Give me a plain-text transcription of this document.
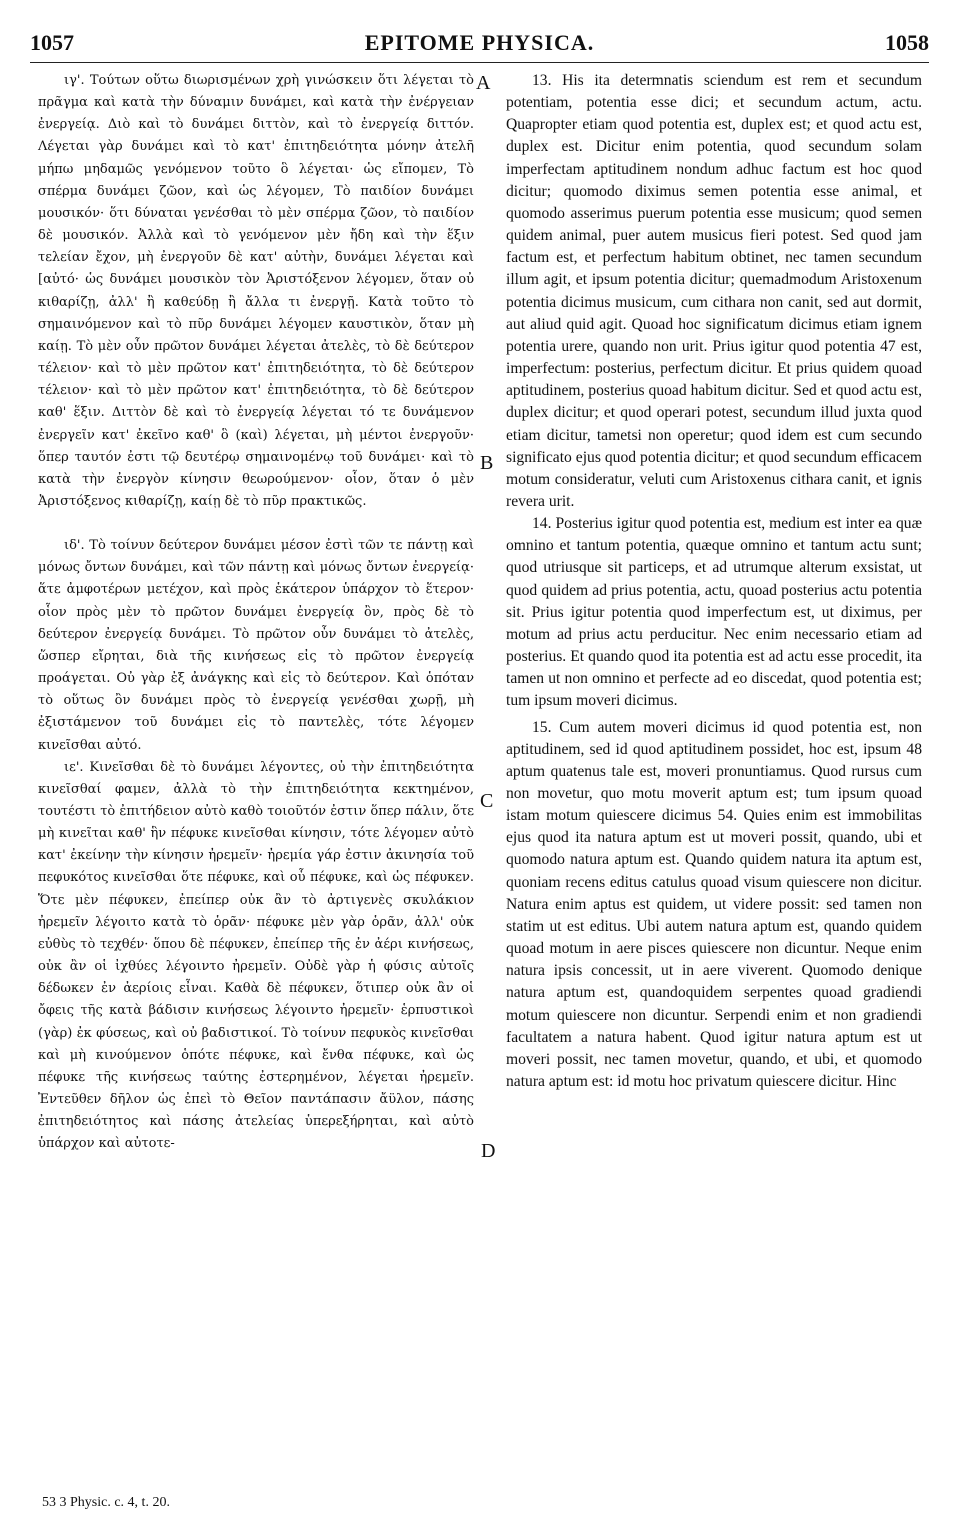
1057	EPITOME PHYSICA.	1058

ιγ'. Τούτων οὕτω διωρισμένων χρὴ γινώσκειν ὅτι λέγεται τὸ πρᾶγμα καὶ κατὰ τὴν δύναμιν δυνάμει, καὶ κατὰ τὴν ἐνέργειαν ἐνεργείᾳ. Διὸ καὶ τὸ δυνάμει διττὸν, καὶ τὸ ἐνεργείᾳ διττόν. Λέγεται γὰρ δυνάμει καὶ τὸ κατ' ἐπιτηδειότητα μόνην ἀτελῆ μήπω μηδαμῶς γενόμενον τοῦτο ὃ λέγεται· ὡς εἴπομεν, Τὸ σπέρμα δυνάμει ζῶον, καὶ ὡς λέγομεν, Τὸ παιδίον δυνάμει μουσικόν· ὅτι δύναται γενέσθαι τὸ μὲν σπέρμα ζῶον, τὸ παιδίον δὲ μουσικόν. Ἀλλὰ καὶ τὸ γενόμενον μὲν ἤδη καὶ τὴν ἕξιν τελείαν ἔχον, μὴ ἐνεργοῦν δὲ κατ' αὐτὴν, δυνάμει λέγεται καὶ [αὐτό· ὡς δυνάμει μουσικὸν τὸν Ἀριστόξενον λέγομεν, ὅταν οὐ κιθαρίζῃ, ἀλλ' ἢ καθεύδῃ ἢ ἄλλα τι ἐνεργῇ. Κατὰ τοῦτο τὸ σημαινόμενον καὶ τὸ πῦρ δυνάμει λέγομεν καυστικὸν, ὅταν μὴ καίῃ. Τὸ μὲν οὖν πρῶτον δυνάμει λέγεται ἀτελὲς, τὸ δὲ δεύτερον τέλειον· καὶ τὸ μὲν πρῶτον κατ' ἐπιτηδειότητα, τὸ δὲ δεύτερον τέλειον· καὶ τὸ μὲν πρῶτον κατ' ἐπιτηδειότητα, τὸ δὲ δεύτερον καθ' ἕξιν. Διττὸν δὲ καὶ τὸ ἐνεργείᾳ λέγεται τό τε δυνάμενον ἐνεργεῖν κατ' ἐκεῖνο καθ' ὃ (καὶ) λέγεται, μὴ μέντοι ἐνεργοῦν· ὅπερ ταυτόν ἐστι τῷ δευτέρῳ σημαινομένῳ τοῦ δυνάμει· καὶ τὸ κατὰ τὴν ἐνεργὸν κίνησιν θεωρούμενον· οἷον, ὅταν ὁ μὲν Ἀριστόξενος κιθαρίζῃ, καίῃ δὲ τὸ πῦρ πρακτικῶς.

ιδ'. Τὸ τοίνυν δεύτερον δυνάμει μέσον ἐστὶ τῶν τε πάντῃ καὶ μόνως ὄντων δυνάμει, καὶ τῶν πάντῃ καὶ μόνως ὄντων ἐνεργείᾳ· ἅτε ἀμφοτέρων μετέχον, καὶ πρὸς ἑκάτερον ὑπάρχον τὸ ἕτερον· οἷον πρὸς μὲν τὸ πρῶτον δυνάμει ἐνεργείᾳ ὂν, πρὸς δὲ τὸ δεύτερον ἐνεργείᾳ δυνάμει. Τὸ πρῶτον οὖν δυνάμει τὸ ἀτελὲς, ὥσπερ εἴρηται, διὰ τῆς κινήσεως εἰς τὸ πρῶτον ἐνεργείᾳ προάγεται. Οὐ γὰρ ἐξ ἀνάγκης καὶ εἰς τὸ δεύτερον. Καὶ ὁπόταν τὸ οὕτως ὂν δυνάμει πρὸς τὸ ἐνεργείᾳ γενέσθαι χωρῇ, μὴ ἐξιστάμενον τοῦ δυνάμει εἰς τὸ παντελὲς, τότε λέγομεν κινεῖσθαι αὐτό.

ιε'. Κινεῖσθαι δὲ τὸ δυνάμει λέγοντες, οὐ τὴν ἐπιτηδειότητα κινεῖσθαί φαμεν, ἀλλὰ τὸ τὴν ἐπιτηδειότητα κεκτημένον, τουτέστι τὸ ἐπιτήδειον αὐτὸ καθὸ τοιοῦτόν ἐστιν ὅπερ πάλιν, ὅτε μὴ κινεῖται καθ' ἣν πέφυκε κινεῖσθαι κίνησιν, τότε λέγομεν αὐτὸ κατ' ἐκείνην τὴν κίνησιν ἠρεμεῖν· ἠρεμία γάρ ἐστιν ἀκινησία τοῦ πεφυκότος κινεῖσθαι ὅτε πέφυκε, καὶ οὗ πέφυκε, καὶ ὡς πέφυκεν. Ὅτε μὲν πέφυκεν, ἐπείπερ οὐκ ἂν τὸ ἀρτιγενὲς σκυλάκιον ἠρεμεῖν λέγοιτο κατὰ τὸ ὁρᾶν· πέφυκε μὲν γὰρ ὁρᾶν, ἀλλ' οὐκ εὐθὺς τὸ τεχθέν· ὅπου δὲ πέφυκεν, ἐπείπερ τῆς ἐν ἀέρι κινήσεως, οὐκ ἂν οἱ ἰχθύες λέγοιντο ἠρεμεῖν. Οὐδὲ γὰρ ἡ φύσις αὐτοῖς δέδωκεν ἐν ἀερίοις εἶναι. Καθὰ δὲ πέφυκεν, ὅτιπερ οὐκ ἂν οἱ ὄφεις τῆς κατὰ βάδισιν κινήσεως λέγοιντο ἠρεμεῖν· ἑρπυστικοὶ (γὰρ) ἐκ φύσεως, καὶ οὐ βαδιστικοί. Τὸ τοίνυν πεφυκὸς κινεῖσθαι καὶ μὴ κινούμενον ὁπότε πέφυκε, καὶ ἔνθα πέφυκε, καὶ ὡς πέφυκε τῆς κινήσεως ταύτης ἐστερημένον, λέγεται ἠρεμεῖν. Ἐντεῦθεν δῆλον ὡς ἐπεὶ τὸ Θεῖον παντάπασιν ἄϋλον, πάσης ἐπιτηδειότητος καὶ πάσης ἀτελείας ὑπερεξήρηται, καὶ αὐτὸ ὑπάρχον καὶ αὐτοτε-

13. His ita determnatis sciendum est rem et secundum potentiam, potentia esse dici; et secundum actum, actu. Quapropter etiam quod potentia est, duplex est; et quod actu est, duplex est. Dicitur enim potentia, quod secundum solam imperfectam aptitudinem nondum adhuc factum est hoc quod dicitur; quomodo diximus semen potentia esse animal, et quomodo asserimus puerum potentia esse musicum; quod semen quidem animal, puer autem musicus fieri potest. Sed quod jam factum est, et perfectum habitum obtinet, nec tamen secundum illum agit, et ipsum potentia dicitur; quemadmodum Aristoxenum potentia dicimus musicum, cum cithara non canit, sed aut dormit, aut aliud quid agit. Quoad hoc significatum dicimus etiam ignem potentia urere, quando non urit. Prius igitur quod potentia 47 est, imperfectum: posterius, perfectum dicitur. Et prius quidem quoad aptitudinem, posterius quoad habitum dicitur. Sed et quod actu est, duplex dicitur; et quod operari potest, secundum illud juxta quod etiam dicitur, tametsi non operetur; quod idem est cum secundo significato ejus quod potentia dicitur; et quod secundum efficacem motum consideratur, veluti cum Aristoxenus cithara canit, et ignis revera urit.

14. Posterius igitur quod potentia est, medium est inter ea quæ omnino et tantum potentia, quæque omnino et tantum actu sunt; quod utriusque sit particeps, et ad utrumque alterum exsistat, ut quod quidem ad prius potentia, actu, quoad posterius actu potentia sit. Prius igitur potentia quod imperfectum est, ut diximus, per motum ad prius actu perducitur. Nec enim necessario etiam ad posterius. Et quando quod ita potentia est ad actu esse procedit, ita tamen ut non omnino et perfecte ad eo discedat, quod potentia est; tum ipsum moveri dicimus.

15. Cum autem moveri dicimus id quod potentia est, non aptitudinem, sed id quod aptitudinem possidet, hoc est, ipsum 48 aptum quatenus tale est, moveri pronuntiamus. Quod rursus cum non movetur, quo motu moverit aptum est; tum ipsum quoad istam motum quiescere dicimus 54. Quies enim est immobilitas ejus quod ita natura aptum est ut moveri possit, quando, ubi et quomodo natura aptum est. Quando quidem natura ita aptum est, quoniam recens editus catulus quoad visum quiescere non dicitur. Natura enim aptus est quidem, ut videre possit: sed tamen non statim ut est editus. Ubi autem natura aptum est, quando quidem quoad motum in aere pisces quiescere non dicuntur. Neque enim natura ipsis concessit, ut in aere viverent. Quomodo denique natura aptum est, quandoquidem serpentes quoad gradiendi motum quiescere non dicuntur. Serpendi enim et non gradiendi facultatem a natura habent. Quod igitur natura aptum est ut moveri possit, nec tamen movetur, quando, et ubi, et quomodo natura aptum est: id motu hoc privatum quiescere dicitur. Hinc

A
B
C
D
53 3 Physic. c. 4, t. 20.
